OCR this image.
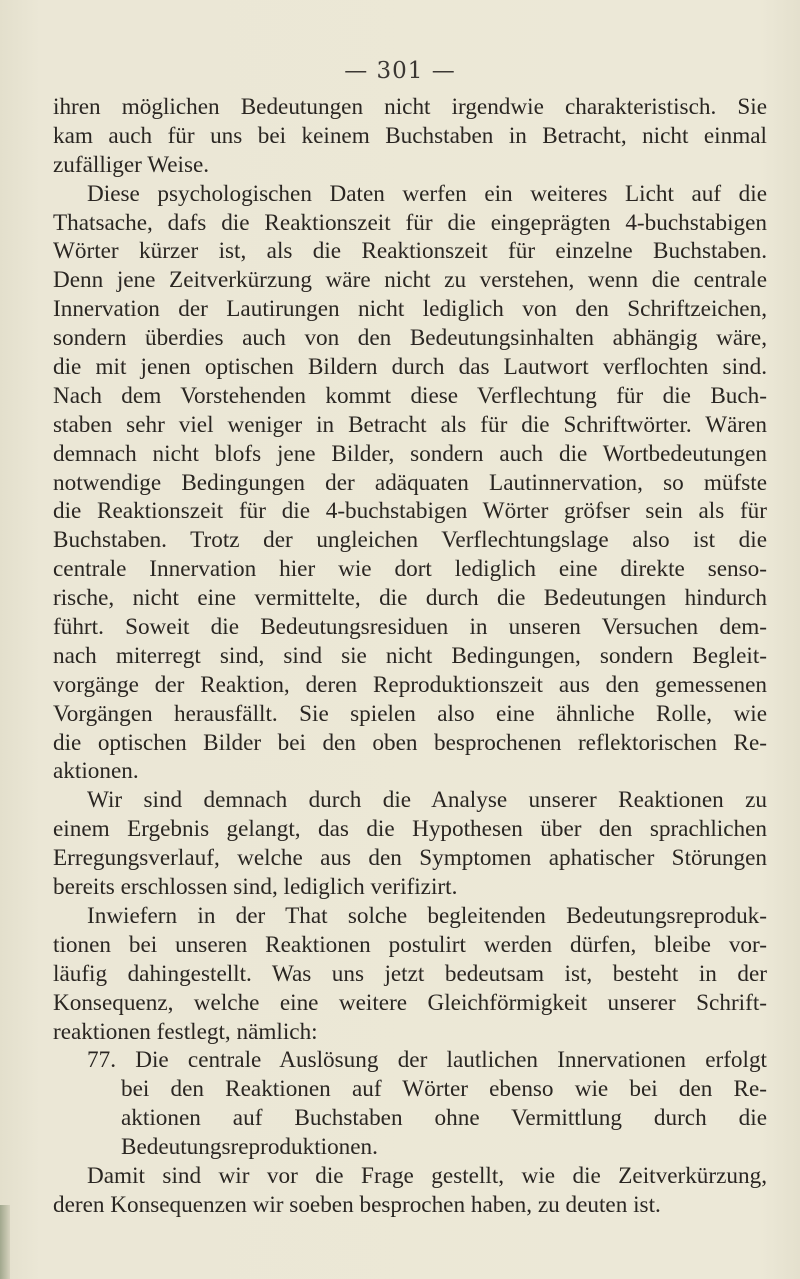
— 301 —
ihren möglichen Bedeutungen nicht irgendwie charakteristisch. Sie
kam auch für uns bei keinem Buchstaben in Betracht, nicht einmal
zufälliger Weise.
Diese psychologischen Daten werfen ein weiteres Licht auf die
Thatsache, dafs die Reaktionszeit für die eingeprägten 4-buchstabigen
Wörter kürzer ist, als die Reaktionszeit für einzelne Buchstaben.
Denn jene Zeitverkürzung wäre nicht zu verstehen, wenn die centrale
Innervation der Lautirungen nicht lediglich von den Schriftzeichen,
sondern überdies auch von den Bedeutungsinhalten abhängig wäre,
die mit jenen optischen Bildern durch das Lautwort verflochten sind.
Nach dem Vorstehenden kommt diese Verflechtung für die Buch-
staben sehr viel weniger in Betracht als für die Schriftwörter. Wären
demnach nicht blofs jene Bilder, sondern auch die Wortbedeutungen
notwendige Bedingungen der adäquaten Lautinnervation, so müfste
die Reaktionszeit für die 4-buchstabigen Wörter gröfser sein als für
Buchstaben. Trotz der ungleichen Verflechtungslage also ist die
centrale Innervation hier wie dort lediglich eine direkte senso-
rische, nicht eine vermittelte, die durch die Bedeutungen hindurch
führt. Soweit die Bedeutungsresiduen in unseren Versuchen dem-
nach miterregt sind, sind sie nicht Bedingungen, sondern Begleit-
vorgänge der Reaktion, deren Reproduktionszeit aus den gemessenen
Vorgängen herausfällt. Sie spielen also eine ähnliche Rolle, wie
die optischen Bilder bei den oben besprochenen reflektorischen Re-
aktionen.
Wir sind demnach durch die Analyse unserer Reaktionen zu
einem Ergebnis gelangt, das die Hypothesen über den sprachlichen
Erregungsverlauf, welche aus den Symptomen aphatischer Störungen
bereits erschlossen sind, lediglich verifizirt.
Inwiefern in der That solche begleitenden Bedeutungsreproduk-
tionen bei unseren Reaktionen postulirt werden dürfen, bleibe vor-
läufig dahingestellt. Was uns jetzt bedeutsam ist, besteht in der
Konsequenz, welche eine weitere Gleichförmigkeit unserer Schrift-
reaktionen festlegt, nämlich:
77. Die centrale Auslösung der lautlichen Innervationen erfolgt
bei den Reaktionen auf Wörter ebenso wie bei den Re-
aktionen auf Buchstaben ohne Vermittlung durch die
Bedeutungsreproduktionen.
Damit sind wir vor die Frage gestellt, wie die Zeitverkürzung,
deren Konsequenzen wir soeben besprochen haben, zu deuten ist.
